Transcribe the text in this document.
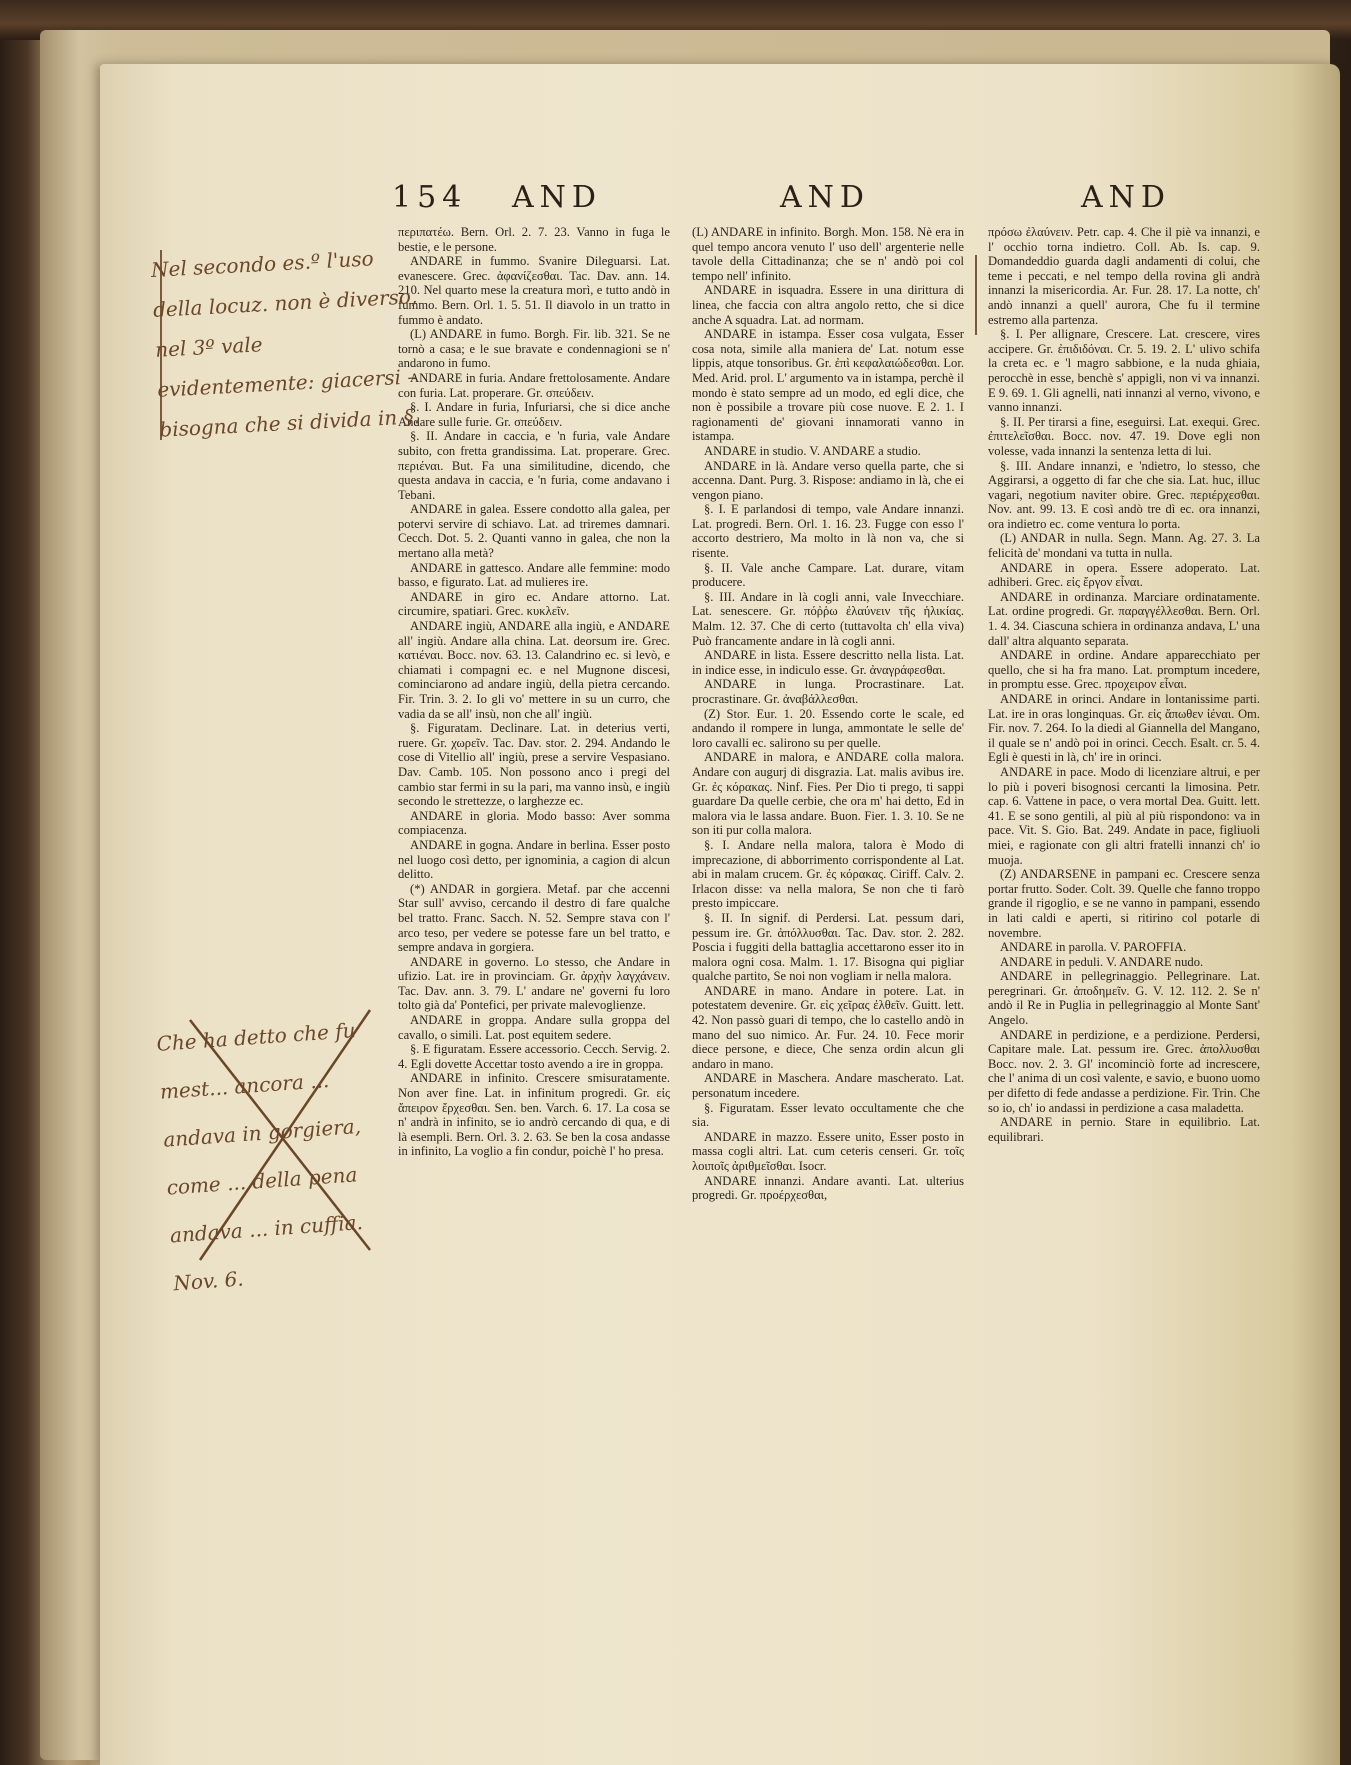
154 AND	AND	AND

περιπατέω. Bern. Orl. 2. 7. 23. Vanno in fuga le bestie, e le persone.

ANDARE in fummo. Svanire Dileguarsi. Lat. evanescere. Grec. ἀφανίζεσθαι. Tac. Dav. ann. 14. 210. Nel quarto mese la creatura morì, e tutto andò in fummo. Bern. Orl. 1. 5. 51. Il diavolo in un tratto in fummo è andato.

(L) ANDARE in fumo. Borgh. Fir. lib. 321. Se ne tornò a casa; e le sue bravate e condennagioni se n' andarono in fumo.

ANDARE in furia. Andare frettolosamente. Andare con furia. Lat. properare. Gr. σπεύδειν.

§. I. Andare in furia, Infuriarsi, che si dice anche Andare sulle furie. Gr. σπεύδειν.

§. II. Andare in caccia, e 'n furia, vale Andare subito, con fretta grandissima. Lat. properare. Grec. περιέναι. But. Fa una similitudine, dicendo, che questa andava in caccia, e 'n furia, come andavano i Tebani.

ANDARE in galea. Essere condotto alla galea, per potervi servire di schiavo. Lat. ad triremes damnari. Cecch. Dot. 5. 2. Quanti vanno in galea, che non la mertano alla metà?

ANDARE in gattesco. Andare alle femmine: modo basso, e figurato. Lat. ad mulieres ire.

ANDARE in giro ec. Andare attorno. Lat. circumire, spatiari. Grec. κυκλεῖν.

ANDARE ingiù, ANDARE alla ingiù, e ANDARE all' ingiù. Andare alla china. Lat. deorsum ire. Grec. κατιέναι. Bocc. nov. 63. 13. Calandrino ec. si levò, e chiamati i compagni ec. e nel Mugnone discesi, cominciarono ad andare ingiù, della pietra cercando. Fir. Trin. 3. 2. Io gli vo' mettere in su un curro, che vadia da se all' insù, non che all' ingiù.

§. Figuratam. Declinare. Lat. in deterius verti, ruere. Gr. χωρεῖν. Tac. Dav. stor. 2. 294. Andando le cose di Vitellio all' ingiù, prese a servire Vespasiano. Dav. Camb. 105. Non possono anco i pregi del cambio star fermi in su la pari, ma vanno insù, e ingiù secondo le strettezze, o larghezze ec.

ANDARE in gloria. Modo basso: Aver somma compiacenza.

ANDARE in gogna. Andare in berlina. Esser posto nel luogo così detto, per ignominia, a cagion di alcun delitto.

(*) ANDAR in gorgiera. Metaf. par che accenni Star sull' avviso, cercando il destro di fare qualche bel tratto. Franc. Sacch. N. 52. Sempre stava con l' arco teso, per vedere se potesse fare un bel tratto, e sempre andava in gorgiera.

ANDARE in governo. Lo stesso, che Andare in ufizio. Lat. ire in provinciam. Gr. ἀρχὴν λαγχάνειν. Tac. Dav. ann. 3. 79. L' andare ne' governi fu loro tolto già da' Pontefici, per private malevoglienze.

ANDARE in groppa. Andare sulla groppa del cavallo, o simili. Lat. post equitem sedere.

§. E figuratam. Essere accessorio. Cecch. Servig. 2. 4. Egli dovette Accettar tosto avendo a ire in groppa.

ANDARE in infinito. Crescere smisuratamente. Non aver fine. Lat. in infinitum progredi. Gr. εἰς ἄπειρον ἔρχεσθαι. Sen. ben. Varch. 6. 17. La cosa se n' andrà in infinito, se io andrò cercando di qua, e di là esempli. Bern. Orl. 3. 2. 63. Se ben la cosa andasse in infinito, La voglio a fin condur, poichè l' ho presa.

(L) ANDARE in infinito. Borgh. Mon. 158. Nè era in quel tempo ancora venuto l' uso dell' argenterie nelle tavole della Cittadinanza; che se n' andò poi col tempo nell' infinito.

ANDARE in isquadra. Essere in una dirittura di linea, che faccia con altra angolo retto, che si dice anche A squadra. Lat. ad normam.

ANDARE in istampa. Esser cosa vulgata, Esser cosa nota, simile alla maniera de' Lat. notum esse lippis, atque tonsoribus. Gr. ἐπὶ κεφαλαιώδεσθαι. Lor. Med. Arid. prol. L' argumento va in istampa, perchè il mondo è stato sempre ad un modo, ed egli dice, che non è possibile a trovare più cose nuove. E 2. 1. I ragionamenti de' giovani innamorati vanno in istampa.

ANDARE in studio. V. ANDARE a studio.

ANDARE in là. Andare verso quella parte, che si accenna. Dant. Purg. 3. Rispose: andiamo in là, che ei vengon piano.

§. I. E parlandosi di tempo, vale Andare innanzi. Lat. progredi. Bern. Orl. 1. 16. 23. Fugge con esso l' accorto destriero, Ma molto in là non va, che si risente.

§. II. Vale anche Campare. Lat. durare, vitam producere.

§. III. Andare in là cogli anni, vale Invecchiare. Lat. senescere. Gr. πόῤῥω ἐλαύνειν τῆς ἡλικίας. Malm. 12. 37. Che di certo (tuttavolta ch' ella viva) Può francamente andare in là cogli anni.

ANDARE in lista. Essere descritto nella lista. Lat. in indice esse, in indiculo esse. Gr. ἀναγράφεσθαι.

ANDARE in lunga. Procrastinare. Lat. procrastinare. Gr. ἀναβάλλεσθαι.

(Z) Stor. Eur. 1. 20. Essendo corte le scale, ed andando il rompere in lunga, ammontate le selle de' loro cavalli ec. salirono su per quelle.

ANDARE in malora, e ANDARE colla malora. Andare con augurj di disgrazia. Lat. malis avibus ire. Gr. ἐς κόρακας. Ninf. Fies. Per Dio ti prego, ti sappi guardare Da quelle cerbie, che ora m' hai detto, Ed in malora via le lassa andare. Buon. Fier. 1. 3. 10. Se ne son iti pur colla malora.

§. I. Andare nella malora, talora è Modo di imprecazione, di abborrimento corrispondente al Lat. abi in malam crucem. Gr. ἐς κόρακας. Ciriff. Calv. 2. Irlacon disse: va nella malora, Se non che ti farò presto impiccare.

§. II. In signif. di Perdersi. Lat. pessum dari, pessum ire. Gr. ἀπόλλυσθαι. Tac. Dav. stor. 2. 282. Poscia i fuggiti della battaglia accettarono esser ito in malora ogni cosa. Malm. 1. 17. Bisogna qui pigliar qualche partito, Se noi non vogliam ir nella malora.

ANDARE in mano. Andare in potere. Lat. in potestatem devenire. Gr. εἰς χεῖρας ἐλθεῖν. Guitt. lett. 42. Non passò guari di tempo, che lo castello andò in mano del suo nimico. Ar. Fur. 24. 10. Fece morir diece persone, e diece, Che senza ordin alcun gli andaro in mano.

ANDARE in Maschera. Andare mascherato. Lat. personatum incedere.

§. Figuratam. Esser levato occultamente che che sia.

ANDARE in mazzo. Essere unito, Esser posto in massa cogli altri. Lat. cum ceteris censeri. Gr. τοῖς λοιποῖς ἀριθμεῖσθαι. Isocr.

ANDARE innanzi. Andare avanti. Lat. ulterius progredi. Gr. προέρχεσθαι,

πρόσω ἐλαύνειν. Petr. cap. 4. Che il piè va innanzi, e l' occhio torna indietro. Coll. Ab. Is. cap. 9. Domandeddio guarda dagli andamenti di colui, che teme i peccati, e nel tempo della rovina gli andrà innanzi la misericordia. Ar. Fur. 28. 17. La notte, ch' andò innanzi a quell' aurora, Che fu il termine estremo alla partenza.

§. I. Per allignare, Crescere. Lat. crescere, vires accipere. Gr. ἐπιδιδόναι. Cr. 5. 19. 2. L' ulivo schifa la creta ec. e 'l magro sabbione, e la nuda ghiaia, perocchè in esse, benchè s' appigli, non vi va innanzi. E 9. 69. 1. Gli agnelli, nati innanzi al verno, vivono, e vanno innanzi.

§. II. Per tirarsi a fine, eseguirsi. Lat. exequi. Grec. ἐπιτελεῖσθαι. Bocc. nov. 47. 19. Dove egli non volesse, vada innanzi la sentenza letta di lui.

§. III. Andare innanzi, e 'ndietro, lo stesso, che Aggirarsi, a oggetto di far che che sia. Lat. huc, illuc vagari, negotium naviter obire. Grec. περιέρχεσθαι. Nov. ant. 99. 13. E così andò tre dì ec. ora innanzi, ora indietro ec. come ventura lo porta.

(L) ANDAR in nulla. Segn. Mann. Ag. 27. 3. La felicità de' mondani va tutta in nulla.

ANDARE in opera. Essere adoperato. Lat. adhiberi. Grec. εἰς ἔργον εἶναι.

ANDARE in ordinanza. Marciare ordinatamente. Lat. ordine progredi. Gr. παραγγέλλεσθαι. Bern. Orl. 1. 4. 34. Ciascuna schiera in ordinanza andava, L' una dall' altra alquanto separata.

ANDARE in ordine. Andare apparecchiato per quello, che si ha fra mano. Lat. promptum incedere, in promptu esse. Grec. προχειρον εἶναι.

ANDARE in orinci. Andare in lontanissime parti. Lat. ire in oras longinquas. Gr. εἰς ἄπωθεν ἰέναι. Om. Fir. nov. 7. 264. Io la diedi al Giannella del Mangano, il quale se n' andò poi in orinci. Cecch. Esalt. cr. 5. 4. Egli è questi in là, ch' ire in orinci.

ANDARE in pace. Modo di licenziare altrui, e per lo più i poveri bisognosi cercanti la limosina. Petr. cap. 6. Vattene in pace, o vera mortal Dea. Guitt. lett. 41. E se sono gentili, al più al più rispondono: va in pace. Vit. S. Gio. Bat. 249. Andate in pace, figliuoli miei, e ragionate con gli altri fratelli innanzi ch' io muoja.

(Z) ANDARSENE in pampani ec. Crescere senza portar frutto. Soder. Colt. 39. Quelle che fanno troppo grande il rigoglio, e se ne vanno in pampani, essendo in lati caldi e aperti, si ritirino col potarle di novembre.

ANDARE in parolla. V. PAROFFIA.

ANDARE in peduli. V. ANDARE nudo.

ANDARE in pellegrinaggio. Pellegrinare. Lat. peregrinari. Gr. ἀποδημεῖν. G. V. 12. 112. 2. Se n' andò il Re in Puglia in pellegrinaggio al Monte Sant' Angelo.

ANDARE in perdizione, e a perdizione. Perdersi, Capitare male. Lat. pessum ire. Grec. ἀπολλυσθαι Bocc. nov. 2. 3. Gl' incominciò forte ad increscere, che l' anima di un così valente, e savio, e buono uomo per difetto di fede andasse a perdizione. Fir. Trin. Che so io, ch' io andassi in perdizione a casa maladetta.

ANDARE in pernio. Stare in equilibrio. Lat. equilibrari.

Nel secondo es.º l'uso della locuz. non è diverso, nel 3º vale evidentemente: giacersi – bisogna che si divida in §.
Che ha detto che fu mest... ancora ... andava in gorgiera, come ... della pena andava ... in cuffia. Nov. 6.
